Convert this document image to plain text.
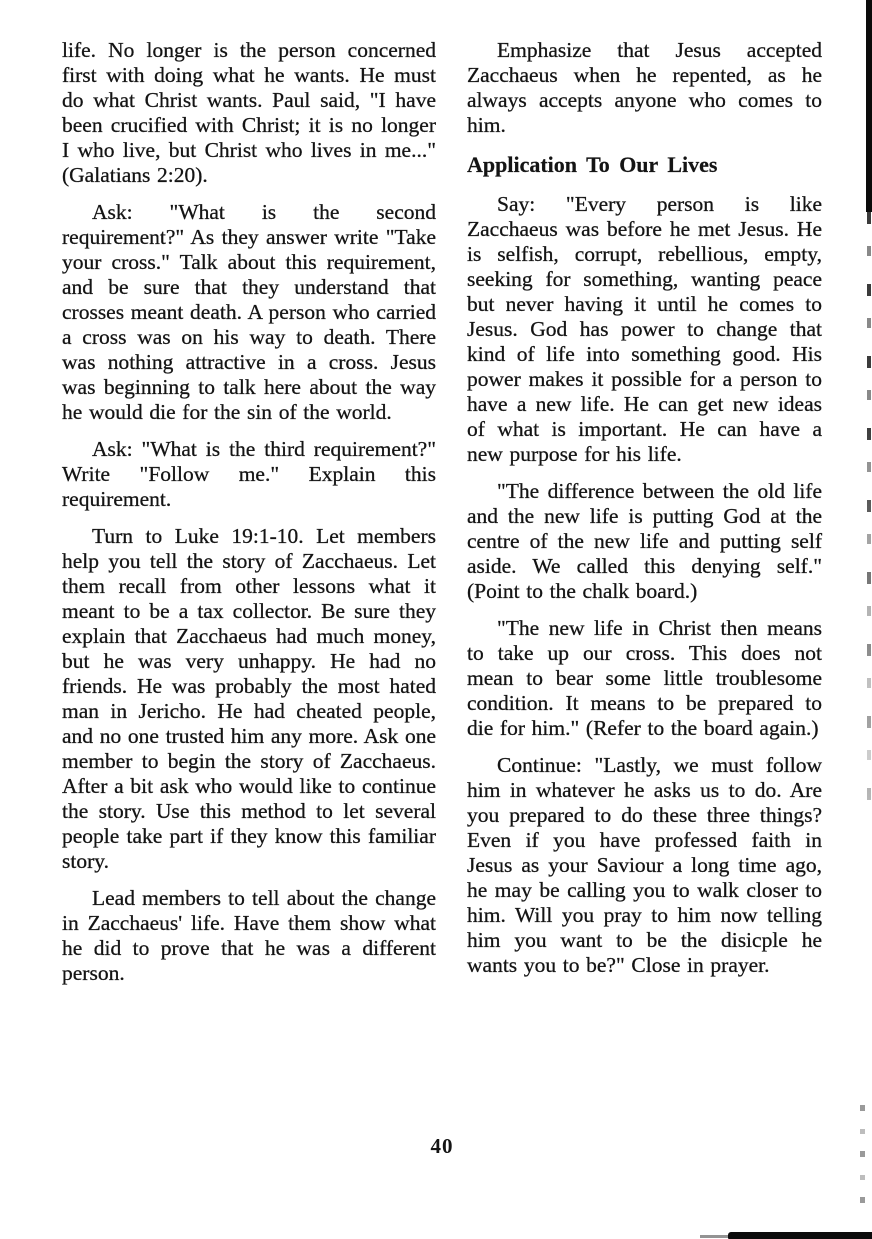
life. No longer is the person concerned first with doing what he wants. He must do what Christ wants. Paul said, "I have been crucified with Christ; it is no longer I who live, but Christ who lives in me..." (Galatians 2:20).

Ask: "What is the second requirement?" As they answer write "Take your cross." Talk about this requirement, and be sure that they understand that crosses meant death. A person who carried a cross was on his way to death. There was nothing attractive in a cross. Jesus was beginning to talk here about the way he would die for the sin of the world.

Ask: "What is the third requirement?" Write "Follow me." Explain this requirement.

Turn to Luke 19:1-10. Let members help you tell the story of Zacchaeus. Let them recall from other lessons what it meant to be a tax collector. Be sure they explain that Zacchaeus had much money, but he was very unhappy. He had no friends. He was probably the most hated man in Jericho. He had cheated people, and no one trusted him any more. Ask one member to begin the story of Zacchaeus. After a bit ask who would like to continue the story. Use this method to let several people take part if they know this familiar story.

Lead members to tell about the change in Zacchaeus' life. Have them show what he did to prove that he was a different person.

Emphasize that Jesus accepted Zacchaeus when he repented, as he always accepts anyone who comes to him.

Application To Our Lives

Say: "Every person is like Zacchaeus was before he met Jesus. He is selfish, corrupt, rebellious, empty, seeking for something, wanting peace but never having it until he comes to Jesus. God has power to change that kind of life into something good. His power makes it possible for a person to have a new life. He can get new ideas of what is important. He can have a new purpose for his life.

"The difference between the old life and the new life is putting God at the centre of the new life and putting self aside. We called this denying self." (Point to the chalk board.)

"The new life in Christ then means to take up our cross. This does not mean to bear some little troublesome condition. It means to be prepared to die for him." (Refer to the board again.)

Continue: "Lastly, we must follow him in whatever he asks us to do. Are you prepared to do these three things? Even if you have professed faith in Jesus as your Saviour a long time ago, he may be calling you to walk closer to him. Will you pray to him now telling him you want to be the disicple he wants you to be?" Close in prayer.

40
